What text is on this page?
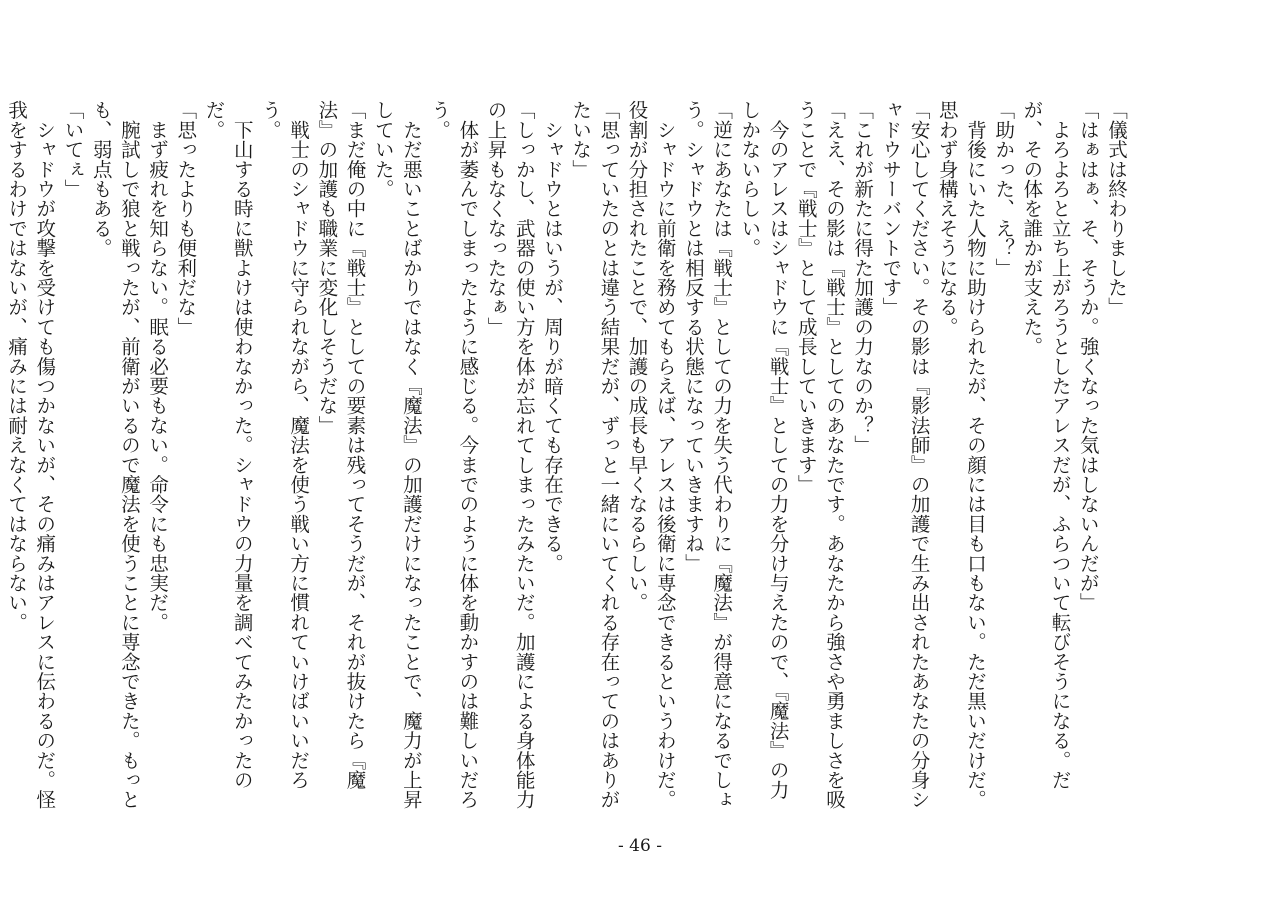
「儀式は終わりました」

「はぁはぁ、そ、そうか。強くなった気はしないんだが」

　よろよろと立ち上がろうとしたアレスだが、ふらついて転びそうになる。だが、その体を誰かが支えた。

「助かった、え？」

　背後にいた人物に助けられたが、その顔には目も口もない。ただ黒いだけだ。思わず身構えそうになる。

「安心してください。その影は『影法師』の加護で生み出されたあなたの分身シャドウサーバントです」

「これが新たに得た加護の力なのか？」

「ええ、その影は『戦士』としてのあなたです。あなたから強さや勇ましさを吸うことで『戦士』として成長していきます」

　今のアレスはシャドウに『戦士』としての力を分け与えたので、『魔法』の力しかないらしい。

「逆にあなたは『戦士』としての力を失う代わりに『魔法』が得意になるでしょう。シャドウとは相反する状態になっていきますね」

　シャドウに前衛を務めてもらえば、アレスは後衛に専念できるというわけだ。役割が分担されたことで、加護の成長も早くなるらしい。

「思っていたのとは違う結果だが、ずっと一緒にいてくれる存在ってのはありがたいな」

　シャドウとはいうが、周りが暗くても存在できる。

「しっかし、武器の使い方を体が忘れてしまったみたいだ。加護による身体能力の上昇もなくなったなぁ」

　体が萎んでしまったように感じる。今までのように体を動かすのは難しいだろう。

　ただ悪いことばかりではなく『魔法』の加護だけになったことで、魔力が上昇していた。

「まだ俺の中に『戦士』としての要素は残ってそうだが、それが抜けたら『魔法』の加護も職業に変化しそうだな」

　戦士のシャドウに守られながら、魔法を使う戦い方に慣れていけばいいだろう。

　下山する時に獣よけは使わなかった。シャドウの力量を調べてみたかったのだ。

「思ったよりも便利だな」

　まず疲れを知らない。眠る必要もない。命令にも忠実だ。

　腕試しで狼と戦ったが、前衛がいるので魔法を使うことに専念できた。もっとも、弱点もある。

「いてぇ」

　シャドウが攻撃を受けても傷つかないが、その痛みはアレスに伝わるのだ。怪我をするわけではないが、痛みには耐えなくてはならない。

- 46 -
